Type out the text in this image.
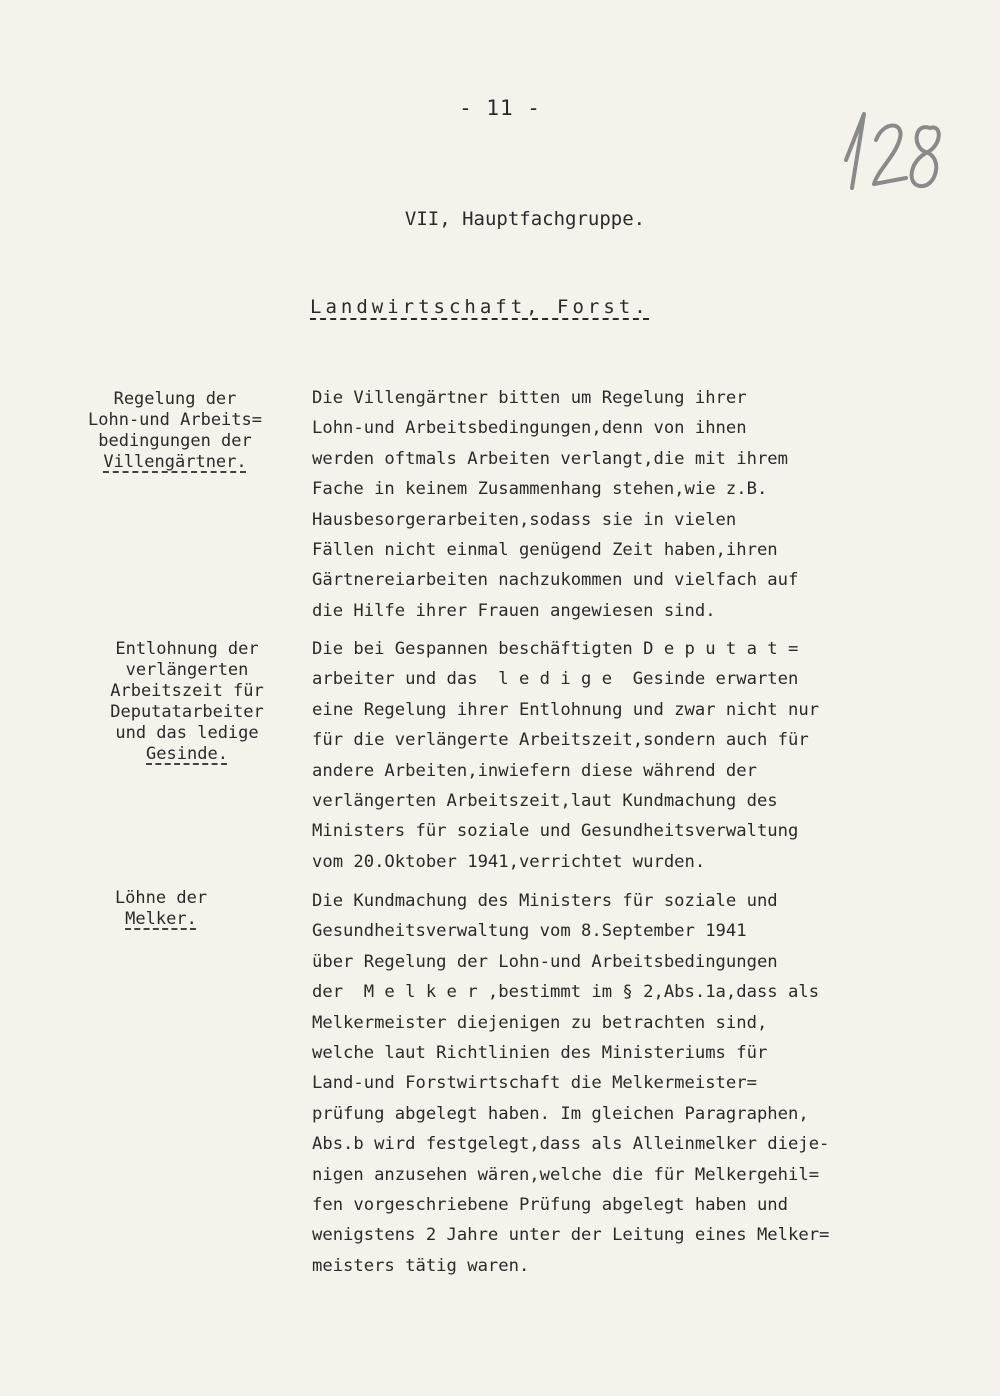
- 11 -
VII, Hauptfachgruppe.
Landwirtschaft, Forst.
Regelung der
Lohn-und Arbeits=
bedingungen der
Villengärtner.
Entlohnung der
verlängerten
Arbeitszeit für
Deputatarbeiter
und das ledige
Gesinde.
Löhne der
Melker.
Die Villengärtner bitten um Regelung ihrer
Lohn-und Arbeitsbedingungen,denn von ihnen
werden oftmals Arbeiten verlangt,die mit ihrem
Fache in keinem Zusammenhang stehen,wie z.B.
Hausbesorgerarbeiten,sodass sie in vielen
Fällen nicht einmal genügend Zeit haben,ihren
Gärtnereiarbeiten nachzukommen und vielfach auf
die Hilfe ihrer Frauen angewiesen sind.
Die bei Gespannen beschäftigten D e p u t a t =
arbeiter und das  l e d i g e  Gesinde erwarten
eine Regelung ihrer Entlohnung und zwar nicht nur
für die verlängerte Arbeitszeit,sondern auch für
andere Arbeiten,inwiefern diese während der
verlängerten Arbeitszeit,laut Kundmachung des
Ministers für soziale und Gesundheitsverwaltung
vom 20.Oktober 1941,verrichtet wurden.
Die Kundmachung des Ministers für soziale und
Gesundheitsverwaltung vom 8.September 1941
über Regelung der Lohn-und Arbeitsbedingungen
der  M e l k e r ,bestimmt im § 2,Abs.1a,dass als
Melkermeister diejenigen zu betrachten sind,
welche laut Richtlinien des Ministeriums für
Land-und Forstwirtschaft die Melkermeister=
prüfung abgelegt haben. Im gleichen Paragraphen,
Abs.b wird festgelegt,dass als Alleinmelker dieje-
nigen anzusehen wären,welche die für Melkergehil=
fen vorgeschriebene Prüfung abgelegt haben und
wenigstens 2 Jahre unter der Leitung eines Melker=
meisters tätig waren.
